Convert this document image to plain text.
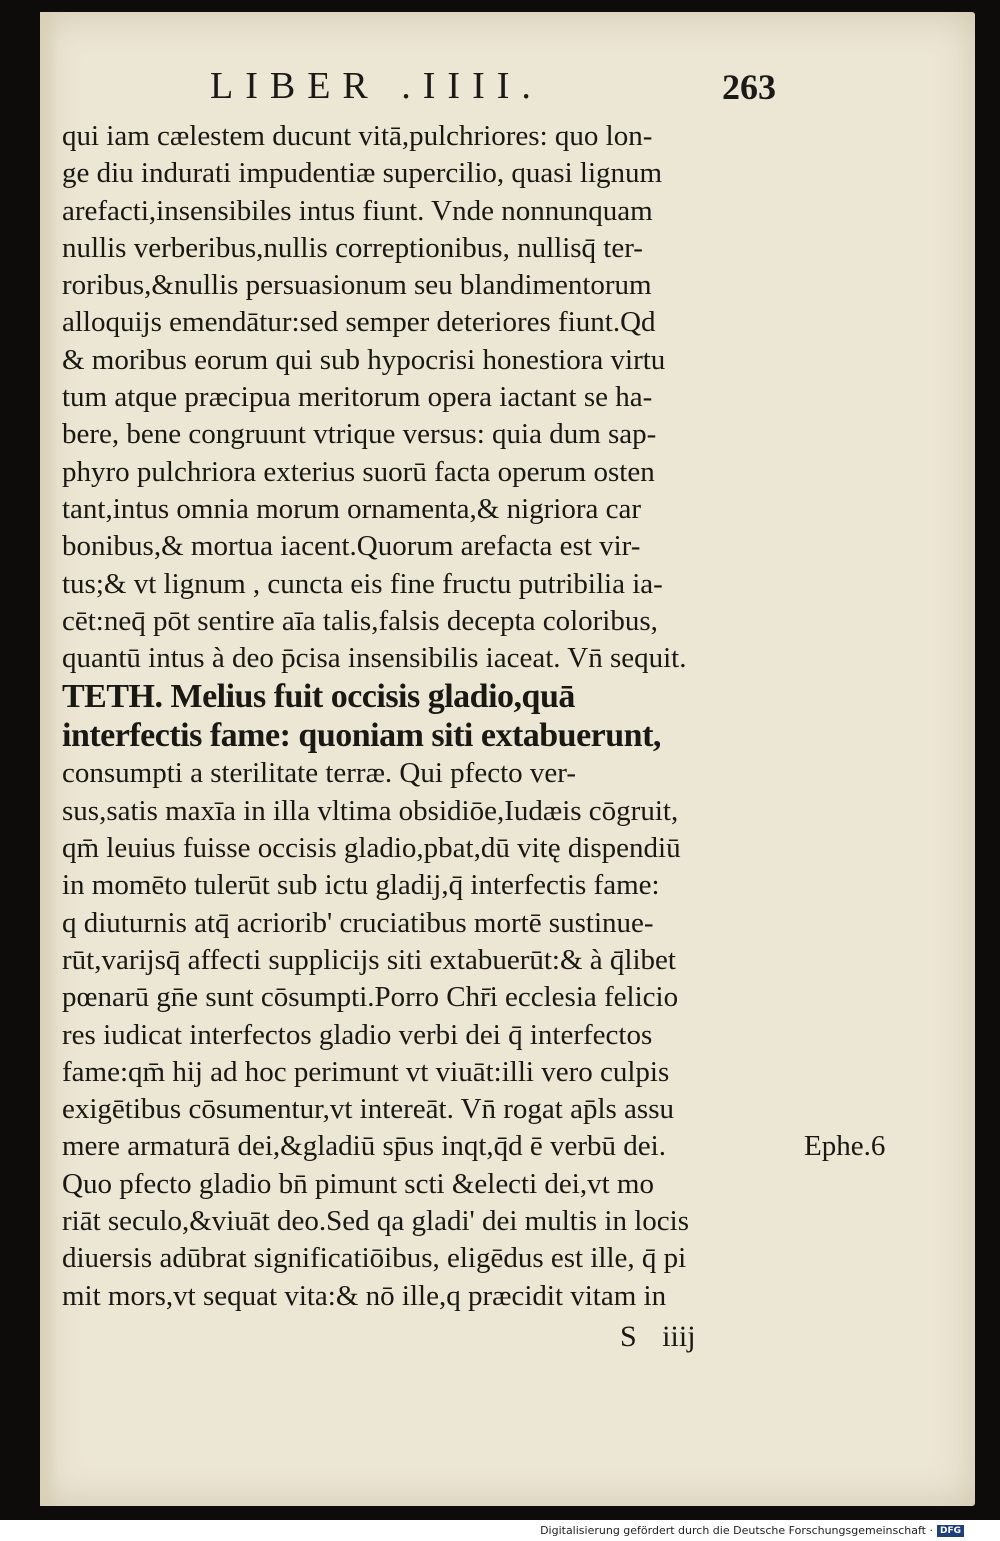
LIBER .IIII.	263
qui iam cælestem ducunt vitā,pulchriores: quo lon-
ge diu indurati impudentiæ supercilio, quasi lignum
arefacti,insensibiles intus fiunt. Vnde nonnunquam
nullis verberibus,nullis correptionibus, nullisq̄ ter-
roribus,&nullis persuasionum seu blandimentorum
alloquijs emendātur:sed semper deteriores fiunt.Qd
& moribus eorum qui sub hypocrisi honestiora virtu
tum atque præcipua meritorum opera iactant se ha-
bere, bene congruunt vtrique versus: quia dum sap-
phyro pulchriora exterius suorū facta operum osten
tant,intus omnia morum ornamenta,& nigriora car
bonibus,& mortua iacent.Quorum arefacta est vir-
tus;& vt lignum , cuncta eis fine fructu putribilia ia-
cēt:neq̄ pōt sentire aīa talis,falsis decepta coloribus,
quantū intus à deo p̄cisa insensibilis iaceat. Vn̄ sequit.
TETH. Melius fuit occisis gladio,quā
interfectis fame: quoniam siti extabuerunt,
consumpti a sterilitate terræ. Qui pfecto ver-
sus,satis maxīa in illa vltima obsidiōe,Iudæis cōgruit,
qm̄ leuius fuisse occisis gladio,pbat,dū vitę dispendiū
in momēto tulerūt sub ictu gladij,q̄ interfectis fame:
q diuturnis atq̄ acriorib' cruciatibus mortē sustinue-
rūt,varijsq̄ affecti supplicijs siti extabuerūt:& à q̄libet
pœnarū gn̄e sunt cōsumpti.Porro Chr̄i ecclesia felicio
res iudicat interfectos gladio verbi dei q̄ interfectos
fame:qm̄ hij ad hoc perimunt vt viuāt:illi vero culpis
exigētibus cōsumentur,vt intereāt. Vn̄ rogat ap̄ls assu
mere armaturā dei,&gladiū sp̄us inqt,q̄d ē verbū dei.
Quo pfecto gladio bn̄ pimunt scti &electi dei,vt mo
riāt seculo,&viuāt deo.Sed qa gladi' dei multis in locis
diuersis adūbrat significatiōibus, eligēdus est ille, q̄ pi
mit mors,vt sequat vita:& nō ille,q præcidit vitam in
Ephe.6
S iiij
Digitalisierung gefördert durch die Deutsche Forschungsgemeinschaft · DFG
